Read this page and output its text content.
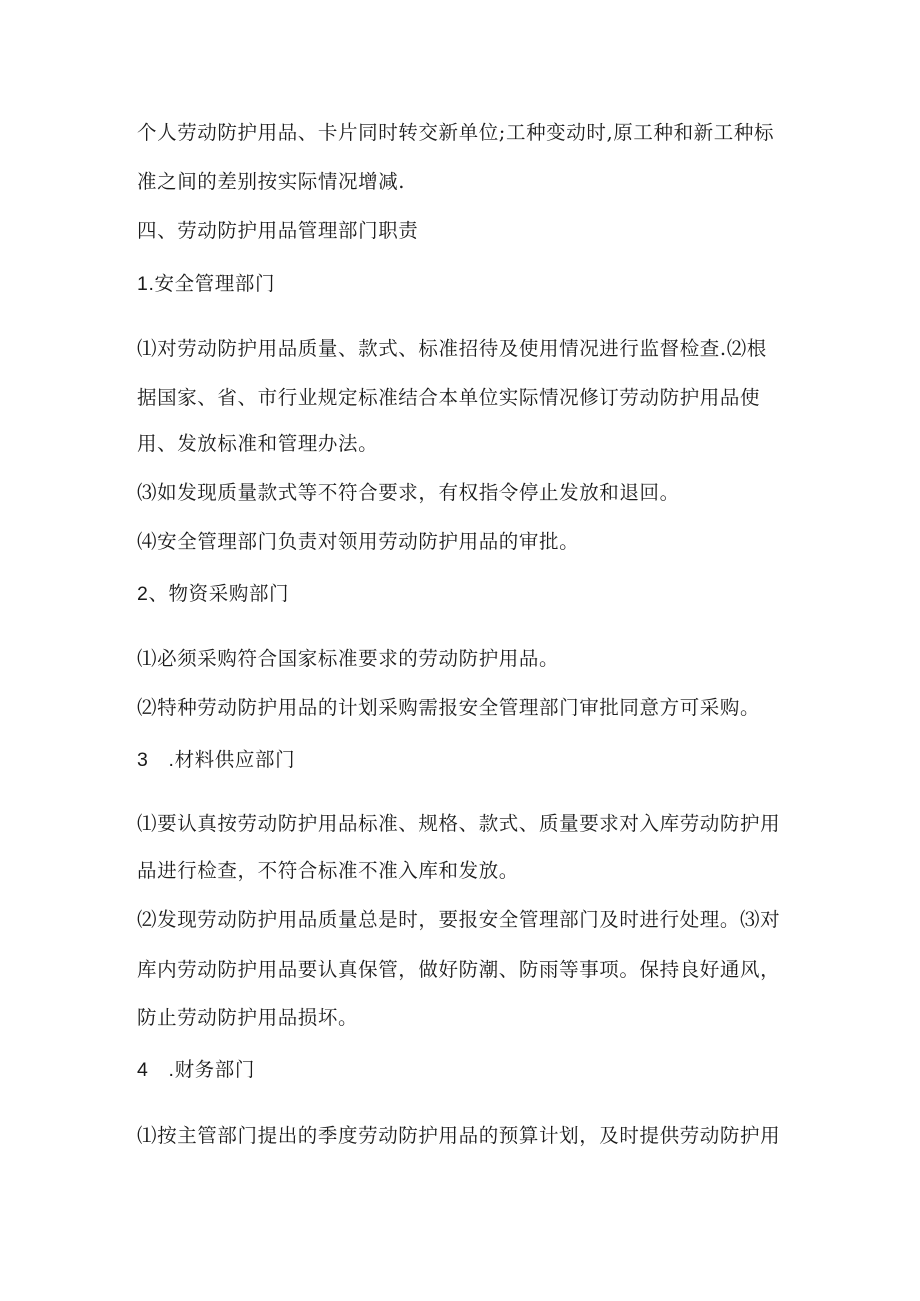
个人劳动防护用品、卡片同时转交新单位;工种变动时,原工种和新工种标
准之间的差别按实际情况增减.
四、劳动防护用品管理部门职责
1.安全管理部门
⑴对劳动防护用品质量、款式、标准招待及使用情况进行监督检查.⑵根
据国家、省、市行业规定标准结合本单位实际情况修订劳动防护用品使
用、发放标准和管理办法。
⑶如发现质量款式等不符合要求，有权指令停止发放和退回。
⑷安全管理部门负责对领用劳动防护用品的审批。
2、物资采购部门
⑴必须采购符合国家标准要求的劳动防护用品。
⑵特种劳动防护用品的计划采购需报安全管理部门审批同意方可采购。
3　.材料供应部门
⑴要认真按劳动防护用品标准、规格、款式、质量要求对入库劳动防护用
品进行检查，不符合标准不准入库和发放。
⑵发现劳动防护用品质量总是时，要报安全管理部门及时进行处理。⑶对
库内劳动防护用品要认真保管，做好防潮、防雨等事项。保持良好通风，
防止劳动防护用品损坏。
4　.财务部门
⑴按主管部门提出的季度劳动防护用品的预算计划，及时提供劳动防护用
